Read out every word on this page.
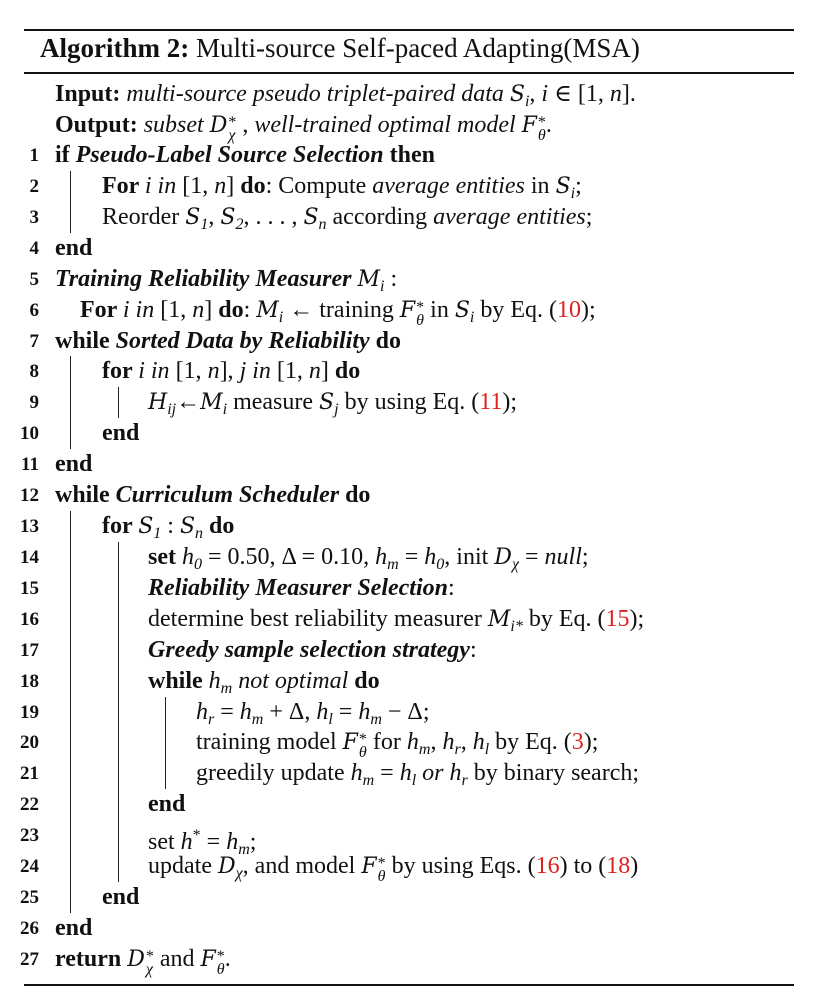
Algorithm 2: Multi-source Self-paced Adapting(MSA)
Input: multi-source pseudo triplet-paired data $S_i$, i ∈ [1, n].
Output: subset D *
χ , well-trained optimal model F *
θ .
1 if Pseudo-Label Source Selection then
2	For i in [1, n] do: Compute average entities in $S_i$;
3	Reorder $S_1$, $S_2$, . . . , $S_n$ according average entities;
4 end
5 Training Reliability Measurer $M_i$ :
6 For i in [1, n] do: $M_i$ ← training F *
θ in $S_i$ by Eq. (10);
7 while Sorted Data by Reliability do
8	for i in [1, n], j in [1, n] do
9	$H_{ij}\leftarrow M_i$ measure $S_j$ by using Eq. (11);
10	end
11 end
12 while Curriculum Scheduler do
13	for $S_1$ : $S_n$ do
14	set $h_0 = 0.50$, Δ = 0.10, $h_m = h_0$, init $D_\chi$ = null;
15	Reliability Measurer Selection:
16	determine best reliability measurer $M_{i*}$ by Eq. (15);
17	Greedy sample selection strategy:
18	while $h_m$ not optimal do
19	$h_r = h_m + \Delta$, $h_l = h_m - \Delta$;
20	training model F *
θ for $h_m$, $h_r$, $h_l$ by Eq. (3);
21	greedily update $h_m = h_l$ or $h_r$ by binary search;
22	end
23	set $h^* = h_m$;
24	update $D_\chi$, and model F *
θ by using Eqs. (16) to (18)
25	end
26 end
27 return D *
χ and F *
θ .
